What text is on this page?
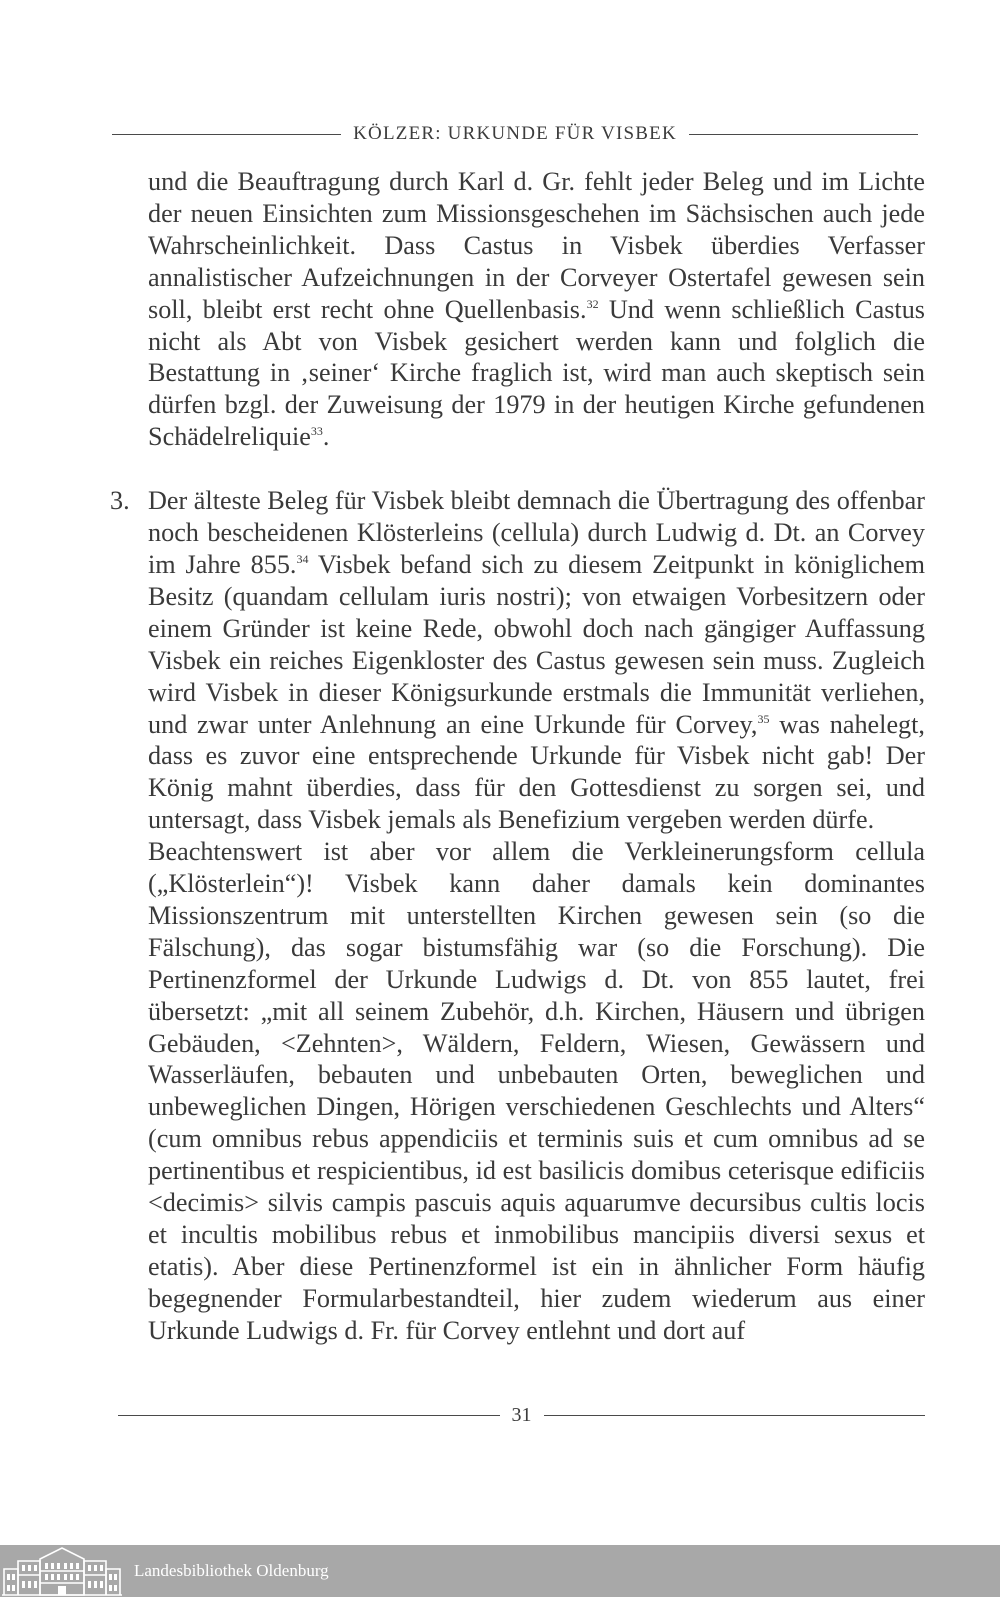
KÖLZER: URKUNDE FÜR VISBEK

und die Beauftragung durch Karl d. Gr. fehlt jeder Beleg und im Lichte der neuen Einsichten zum Missionsgeschehen im Sächsischen auch jede Wahrscheinlichkeit. Dass Castus in Visbek überdies Verfasser annalistischer Aufzeichnungen in der Corveyer Ostertafel gewesen sein soll, bleibt erst recht ohne Quellenbasis.$^{32}$ Und wenn schließlich Castus nicht als Abt von Visbek gesichert werden kann und folglich die Bestattung in ‚seiner‘ Kirche fraglich ist, wird man auch skeptisch sein dürfen bzgl. der Zuweisung der 1979 in der heutigen Kirche gefundenen Schädelreliquie$^{33}$.

3. Der älteste Beleg für Visbek bleibt demnach die Übertragung des offenbar noch bescheidenen Klösterleins (cellula) durch Ludwig d. Dt. an Corvey im Jahre 855.34 Visbek befand sich zu diesem Zeitpunkt in königlichem Besitz (quandam cellulam iuris nostri); von etwaigen Vorbesitzern oder einem Gründer ist keine Rede, obwohl doch nach gängiger Auffassung Visbek ein reiches Eigenkloster des Castus gewesen sein muss. Zugleich wird Visbek in dieser Königsurkunde erstmals die Immunität verliehen, und zwar unter Anlehnung an eine Urkunde für Corvey,$^{35}$ was nahelegt, dass es zuvor eine entsprechende Urkunde für Visbek nicht gab! Der König mahnt überdies, dass für den Gottesdienst zu sorgen sei, und untersagt, dass Visbek jemals als Benefizium vergeben werden dürfe.

Beachtenswert ist aber vor allem die Verkleinerungsform cellula („Klösterlein“)! Visbek kann daher damals kein dominantes Missionszentrum mit unterstellten Kirchen gewesen sein (so die Fälschung), das sogar bistumsfähig war (so die Forschung). Die Pertinenzformel der Urkunde Ludwigs d. Dt. von 855 lautet, frei übersetzt: „mit all seinem Zubehör, d.h. Kirchen, Häusern und übrigen Gebäuden, <Zehnten>, Wäldern, Feldern, Wiesen, Gewässern und Wasserläufen, bebauten und unbebauten Orten, beweglichen und unbeweglichen Dingen, Hörigen verschiedenen Geschlechts und Alters“ (cum omnibus rebus appendiciis et terminis suis et cum omnibus ad se pertinentibus et respicientibus, id est basilicis domibus ceterisque edificiis <decimis> silvis campis pascuis aquis aquarumve decursibus cultis locis et incultis mobilibus rebus et inmobilibus mancipiis diversi sexus et etatis). Aber diese Pertinenzformel ist ein in ähnlicher Form häufig begegnender Formularbestandteil, hier zudem wiederum aus einer Urkunde Ludwigs d. Fr. für Corvey entlehnt und dort auf

31
Landesbibliothek Oldenburg
